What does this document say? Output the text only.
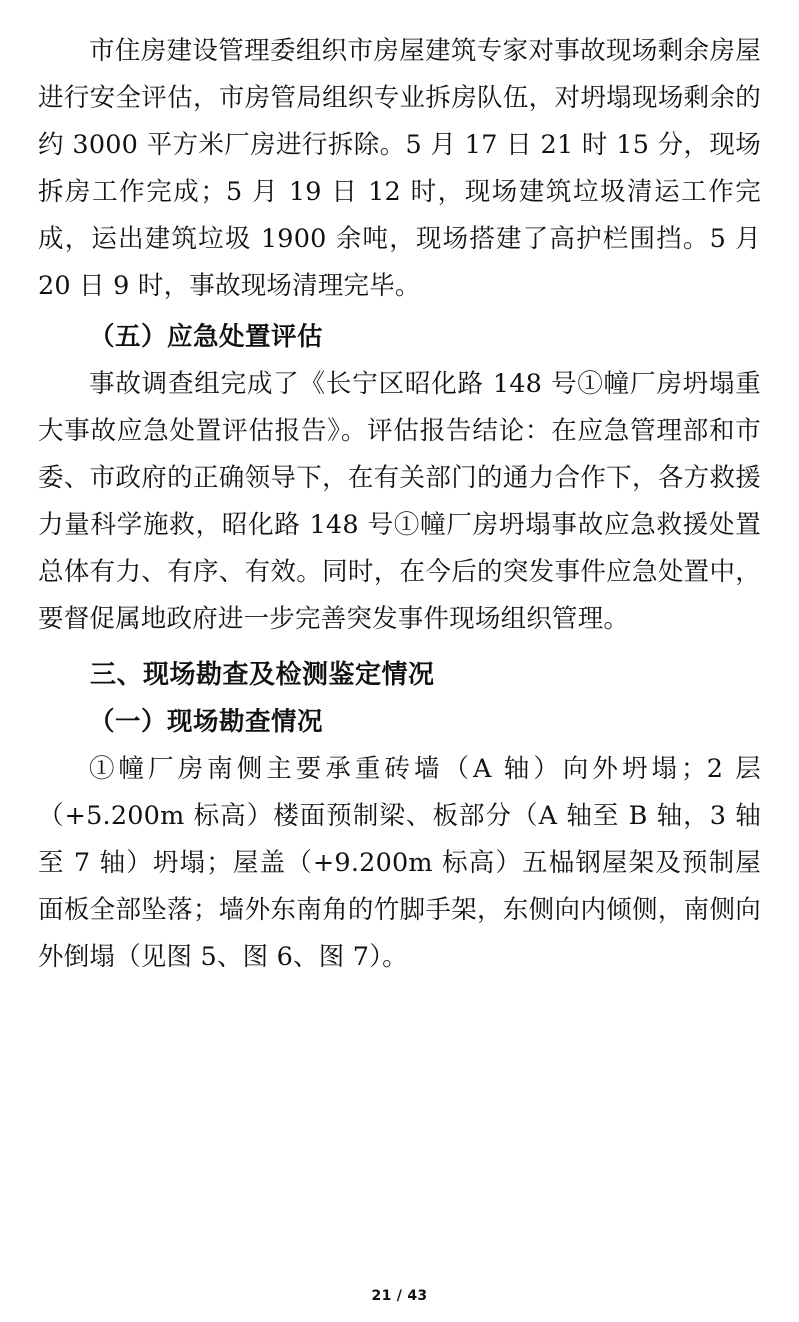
市住房建设管理委组织市房屋建筑专家对事故现场剩余房屋进行安全评估，市房管局组织专业拆房队伍，对坍塌现场剩余的约 3000 平方米厂房进行拆除。5 月 17 日 21 时 15 分，现场拆房工作完成；5 月 19 日 12 时，现场建筑垃圾清运工作完成，运出建筑垃圾 1900 余吨，现场搭建了高护栏围挡。5 月 20 日 9 时，事故现场清理完毕。

（五）应急处置评估

事故调查组完成了《长宁区昭化路 148 号①幢厂房坍塌重大事故应急处置评估报告》。评估报告结论：在应急管理部和市委、市政府的正确领导下，在有关部门的通力合作下，各方救援力量科学施救，昭化路 148 号①幢厂房坍塌事故应急救援处置总体有力、有序、有效。同时，在今后的突发事件应急处置中，要督促属地政府进一步完善突发事件现场组织管理。

三、现场勘查及检测鉴定情况

（一）现场勘查情况

①幢厂房南侧主要承重砖墙（A 轴）向外坍塌；2 层（+5.200m 标高）楼面预制梁、板部分（A 轴至 B 轴，3 轴至 7 轴）坍塌；屋盖（+9.200m 标高）五榀钢屋架及预制屋面板全部坠落；墙外东南角的竹脚手架，东侧向内倾侧，南侧向外倒塌（见图 5、图 6、图 7）。

21 / 43
